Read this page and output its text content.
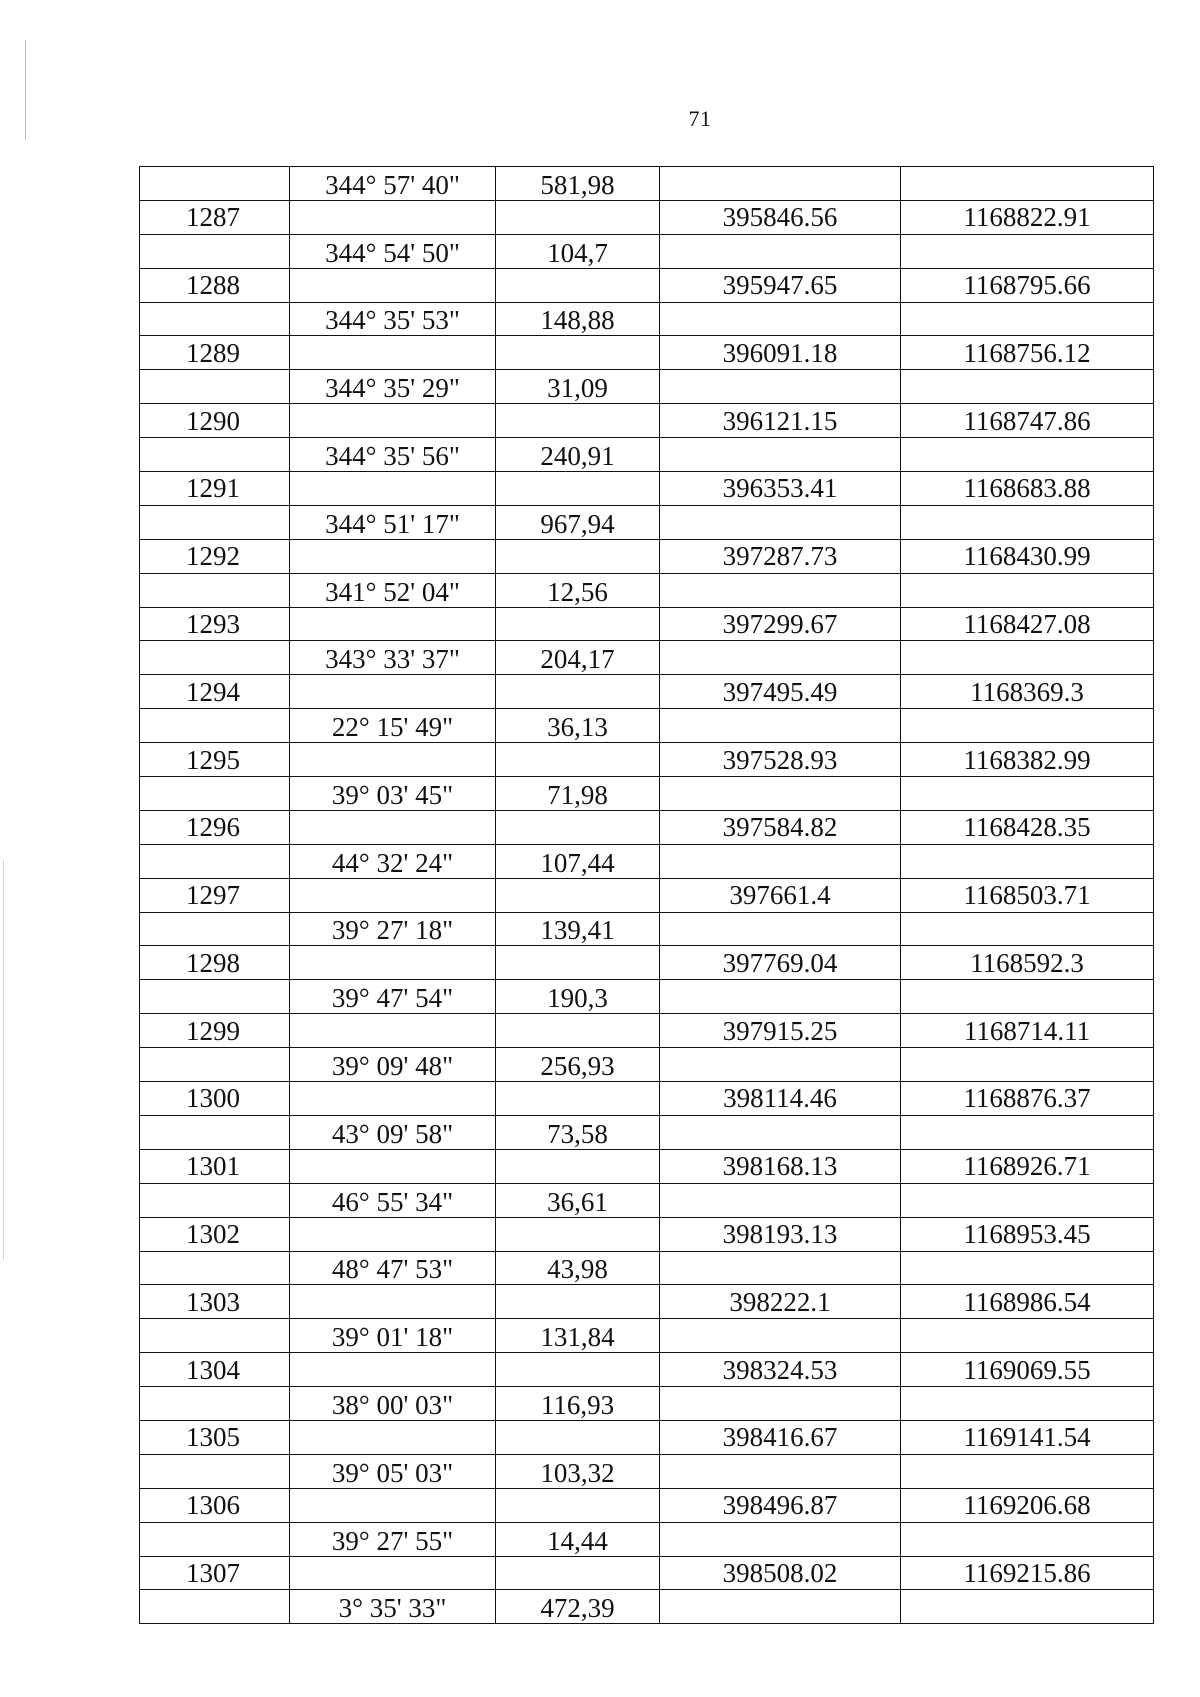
71
	344° 57' 40"	581,98		
1287			395846.56	1168822.91
	344° 54' 50"	104,7		
1288			395947.65	1168795.66
	344° 35' 53"	148,88		
1289			396091.18	1168756.12
	344° 35' 29"	31,09		
1290			396121.15	1168747.86
	344° 35' 56"	240,91		
1291			396353.41	1168683.88
	344° 51' 17"	967,94		
1292			397287.73	1168430.99
	341° 52' 04"	12,56		
1293			397299.67	1168427.08
	343° 33' 37"	204,17		
1294			397495.49	1168369.3
	22° 15' 49"	36,13		
1295			397528.93	1168382.99
	39° 03' 45"	71,98		
1296			397584.82	1168428.35
	44° 32' 24"	107,44		
1297			397661.4	1168503.71
	39° 27' 18"	139,41		
1298			397769.04	1168592.3
	39° 47' 54"	190,3		
1299			397915.25	1168714.11
	39° 09' 48"	256,93		
1300			398114.46	1168876.37
	43° 09' 58"	73,58		
1301			398168.13	1168926.71
	46° 55' 34"	36,61		
1302			398193.13	1168953.45
	48° 47' 53"	43,98		
1303			398222.1	1168986.54
	39° 01' 18"	131,84		
1304			398324.53	1169069.55
	38° 00' 03"	116,93		
1305			398416.67	1169141.54
	39° 05' 03"	103,32		
1306			398496.87	1169206.68
	39° 27' 55"	14,44		
1307			398508.02	1169215.86
	3° 35' 33"	472,39		
